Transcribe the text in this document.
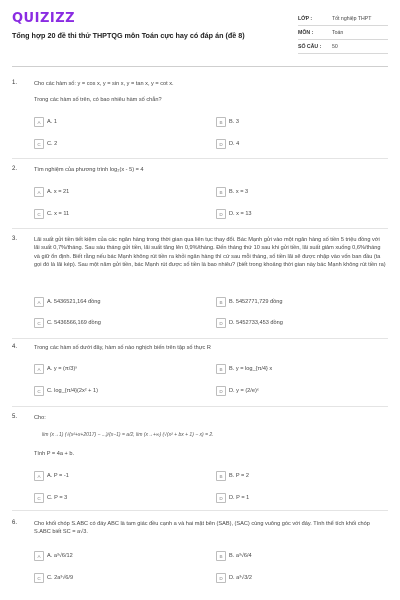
QUIZIZZ
Tổng hợp 20 đề thi thử THPTQG môn Toán cực hay có đáp án (đề 8)
LỚP :	Tốt nghiệp THPT
MÔN :	Toán
SỐ CÂU :	50
1.	Cho các hàm số: y = cos x, y = sin x, y = tan x, y = cot x.
Trong các hàm số trên, có bao nhiêu hàm số chẵn?
A	A. 1	B	B. 3
C	C. 2	D	D. 4
2.	Tìm nghiệm của phương trình log₂(x - 5) = 4
A	A. x = 21	B	B. x = 3
C	C. x = 11	D	D. x = 13
3.	Lãi suất gửi tiền tiết kiệm của các ngân hàng trong thời gian qua liên tục thay đổi. Bác Mạnh gửi vào một ngân hàng số tiền 5 triệu đồng với lãi suất 0,7%/tháng. Sau sáu tháng gửi tiền, lãi suất tăng lên 0,9%/tháng. Đến tháng thứ 10 sau khi gửi tiền, lãi suất giảm xuống 0,6%/tháng và giữ ổn định. Biết rằng nếu bác Mạnh không rút tiền ra khỏi ngân hàng thì cứ sau mỗi tháng, số tiền lãi sẽ được nhập vào vốn ban đầu (ta gọi đó là lãi kép). Sau một năm gửi tiền, bác Mạnh rút được số tiền là bao nhiêu? (biết trong khoảng thời gian này bác Mạnh không rút tiền ra)
A	A. 5436521,164 đồng	B	B. 5452771,729 đồng
C	C. 5436566,169 đồng	D	D. 5452733,453 đồng
4.	Trong các hàm số dưới đây, hàm số nào nghịch biến trên tập số thực R
A	A. y = (π/3)ˣ	B	B. y = log_{π/4} x
C	C. log_{π/4}(2x² + 1)	D	D. y = (2/e)ˣ
5.	Cho:
lim (x→1) (√(x²+x+2017) − ...)/(x−1) = a/2, lim (x→+∞) (√(x² + bx + 1) − x) = 2.
Tính P = 4a + b.
A	A. P = -1	B	B. P = 2
C	C. P = 3	D	D. P = 1
6.	Cho khối chóp S.ABC có đáy ABC là tam giác đều cạnh a và hai mặt bên (SAB), (SAC) cùng vuông góc với đáy. Tính thể tích khối chóp S.ABC biết SC = a√3.
A	A. a³√6/12	B	B. a³√6/4
C	C. 2a³√6/9	D	D. a³√3/2
